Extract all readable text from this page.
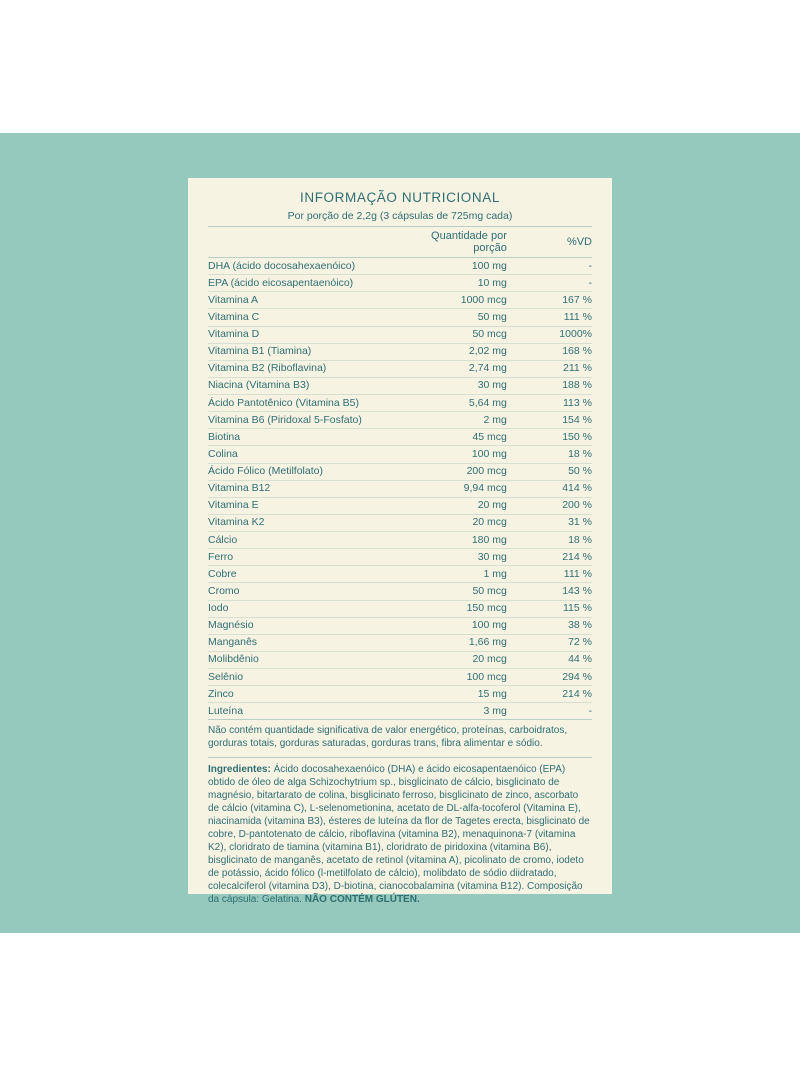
INFORMAÇÃO NUTRICIONAL
Por porção de 2,2g (3 cápsulas de 725mg cada)
	Quantidade por porção	%VD
DHA (ácido docosahexaenóico)	100 mg	-
EPA (ácido eicosapentaenóico)	10 mg	-
Vitamina A	1000 mcg	167 %
Vitamina C	50 mg	111 %
Vitamina D	50 mcg	1000%
Vitamina B1 (Tiamina)	2,02 mg	168 %
Vitamina B2 (Riboflavina)	2,74 mg	211 %
Niacina (Vitamina B3)	30 mg	188 %
Ácido Pantotênico (Vitamina B5)	5,64 mg	113 %
Vitamina B6 (Piridoxal 5-Fosfato)	2 mg	154 %
Biotina	45 mcg	150 %
Colina	100 mg	18 %
Ácido Fólico (Metilfolato)	200 mcg	50 %
Vitamina B12	9,94 mcg	414 %
Vitamina E	20 mg	200 %
Vitamina K2	20 mcg	31 %
Cálcio	180 mg	18 %
Ferro	30 mg	214 %
Cobre	1 mg	111 %
Cromo	50 mcg	143 %
Iodo	150 mcg	115 %
Magnésio	100 mg	38 %
Manganês	1,66 mg	72 %
Molibdênio	20 mcg	44 %
Selênio	100 mcg	294 %
Zinco	15 mg	214 %
Luteína	3 mg	-
Não contém quantidade significativa de valor energético, proteínas, carboidratos, gorduras totais, gorduras saturadas, gorduras trans, fibra alimentar e sódio.
Ingredientes: Ácido docosahexaenóico (DHA) e ácido eicosapentaenóico (EPA) obtido de óleo de alga Schizochytrium sp., bisglicinato de cálcio, bisglicinato de magnésio, bitartarato de colina, bisglicinato ferroso, bisglicinato de zinco, ascorbato de cálcio (vitamina C), L-selenometionina, acetato de DL-alfa-tocoferol (Vitamina E), niacinamida (vitamina B3), ésteres de luteína da flor de Tagetes erecta, bisglicinato de cobre, D-pantotenato de cálcio, riboflavina (vitamina B2), menaquinona-7 (vitamina K2), cloridrato de tiamina (vitamina B1), cloridrato de piridoxina (vitamina B6), bisglicinato de manganês, acetato de retinol (vitamina A), picolinato de cromo, iodeto de potássio, ácido fólico (l-metilfolato de cálcio), molibdato de sódio diidratado, colecalciferol (vitamina D3), D-biotina, cianocobalamina (vitamina B12). Composição da cápsula: Gelatina. NÃO CONTÉM GLÚTEN.
